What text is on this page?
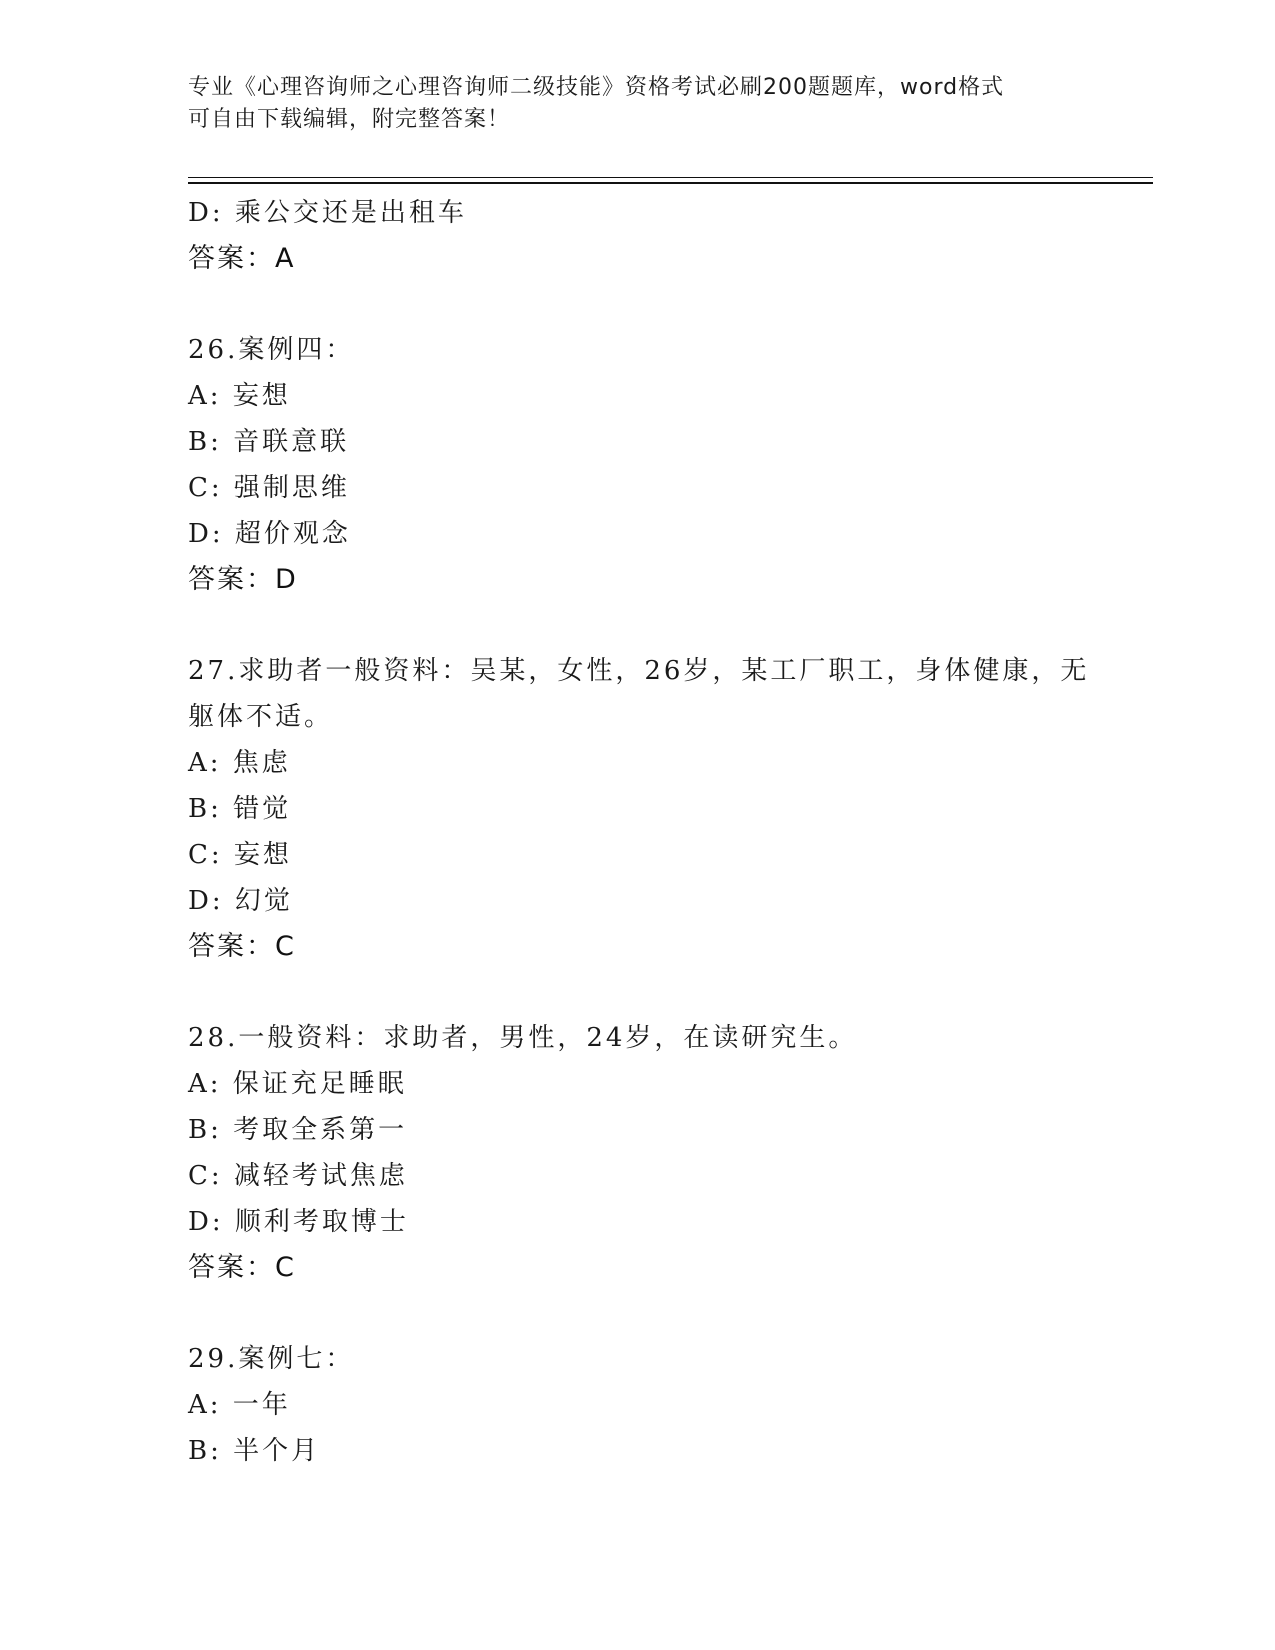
专业《心理咨询师之心理咨询师二级技能》资格考试必刷200题题库，word格式
可自由下载编辑，附完整答案！
D: 乘公交还是出租车
答案：A
26.案例四：
A: 妄想
B: 音联意联
C: 强制思维
D: 超价观念
答案：D
27.求助者一般资料：吴某，女性，26岁，某工厂职工，身体健康，无
躯体不适。
A: 焦虑
B: 错觉
C: 妄想
D: 幻觉
答案：C
28.一般资料：求助者，男性，24岁，在读研究生。
A: 保证充足睡眠
B: 考取全系第一
C: 减轻考试焦虑
D: 顺利考取博士
答案：C
29.案例七：
A: 一年
B: 半个月
